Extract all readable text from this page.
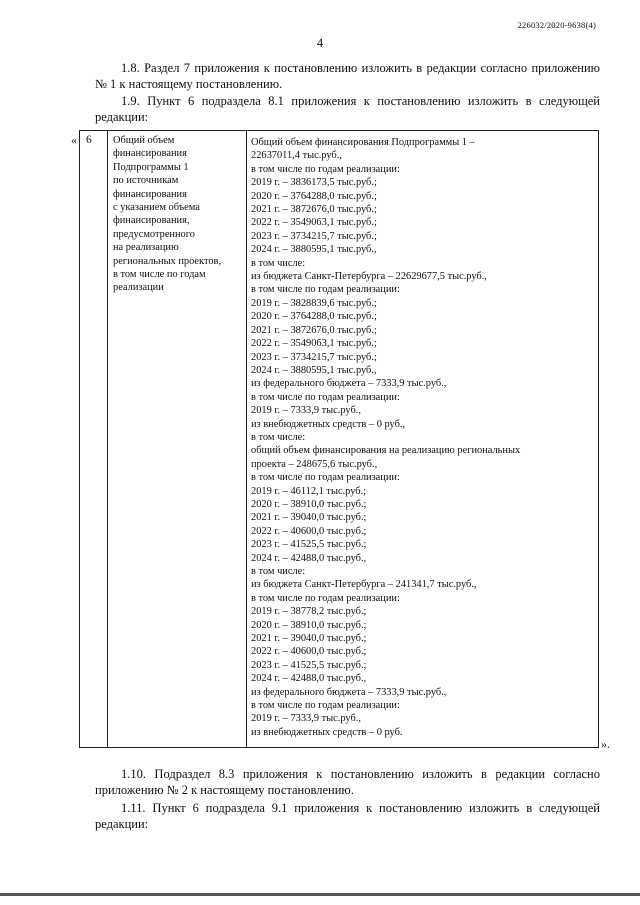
226032/2020-9638(4)
4
1.8. Раздел 7 приложения к постановлению изложить в редакции согласно приложению № 1 к настоящему постановлению.
1.9. Пункт 6 подраздела 8.1 приложения к постановлению изложить в следующей редакции:
« 6	Общий объем
финансирования
Подпрограммы 1
по источникам
финансирования
с указанием объема
финансирования,
предусмотренного
на реализацию
региональных проектов,
в том числе по годам
реализации
Общий объем финансирования Подпрограммы 1 –
22637011,4 тыс.руб.,
в том числе по годам реализации:
2019 г. – 3836173,5 тыс.руб.;
2020 г. – 3764288,0 тыс.руб.;
2021 г. – 3872676,0 тыс.руб.;
2022 г. – 3549063,1 тыс.руб.;
2023 г. – 3734215,7 тыс.руб.;
2024 г. – 3880595,1 тыс.руб.,
в том числе:
из бюджета Санкт-Петербурга – 22629677,5 тыс.руб.,
в том числе по годам реализации:
2019 г. – 3828839,6 тыс.руб.;
2020 г. – 3764288,0 тыс.руб.;
2021 г. – 3872676,0 тыс.руб.;
2022 г. – 3549063,1 тыс.руб.;
2023 г. – 3734215,7 тыс.руб.;
2024 г. – 3880595,1 тыс.руб.,
из федерального бюджета – 7333,9 тыс.руб.,
в том числе по годам реализации:
2019 г. – 7333,9 тыс.руб.,
из внебюджетных средств – 0 руб.,
в том числе:
общий объем финансирования на реализацию региональных
проекта – 248675,6 тыс.руб.,
в том числе по годам реализации:
2019 г. – 46112,1 тыс.руб.;
2020 г. – 38910,0 тыс.руб.;
2021 г. – 39040,0 тыс.руб.;
2022 г. – 40600,0 тыс.руб.;
2023 г. – 41525,5 тыс.руб.;
2024 г. – 42488,0 тыс.руб.,
в том числе:
из бюджета Санкт-Петербурга – 241341,7 тыс.руб.,
в том числе по годам реализации:
2019 г. – 38778,2 тыс.руб.;
2020 г. – 38910,0 тыс.руб.;
2021 г. – 39040,0 тыс.руб.;
2022 г. – 40600,0 тыс.руб.;
2023 г. – 41525,5 тыс.руб.;
2024 г. – 42488,0 тыс.руб.,
из федерального бюджета – 7333,9 тыс.руб.,
в том числе по годам реализации:
2019 г. – 7333,9 тыс.руб.,
из внебюджетных средств – 0 руб.
».
1.10. Подраздел 8.3 приложения к постановлению изложить в редакции согласно приложению № 2 к настоящему постановлению.
1.11. Пункт 6 подраздела 9.1 приложения к постановлению изложить в следующей редакции:
